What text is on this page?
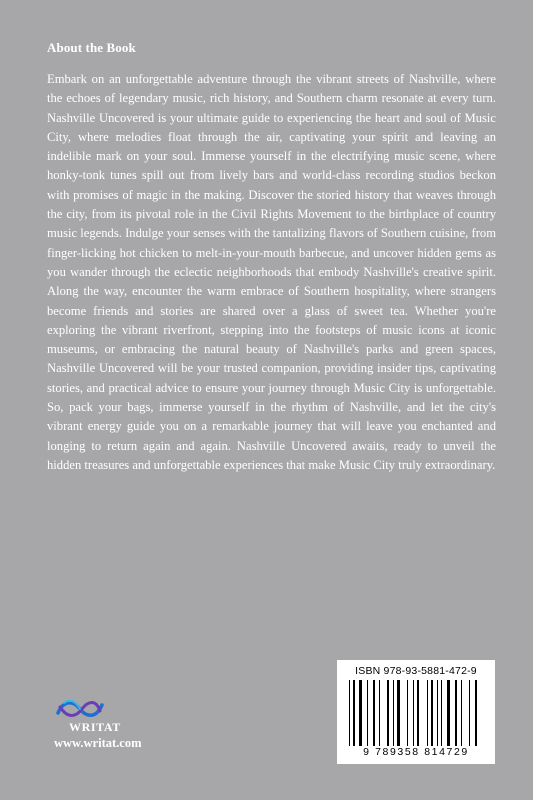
About the Book
Embark on an unforgettable adventure through the vibrant streets of Nashville, where the echoes of legendary music, rich history, and Southern charm resonate at every turn. Nashville Uncovered is your ultimate guide to experiencing the heart and soul of Music City, where melodies float through the air, captivating your spirit and leaving an indelible mark on your soul. Immerse yourself in the electrifying music scene, where honky-tonk tunes spill out from lively bars and world-class recording studios beckon with promises of magic in the making. Discover the storied history that weaves through the city, from its pivotal role in the Civil Rights Movement to the birthplace of country music legends. Indulge your senses with the tantalizing flavors of Southern cuisine, from finger-licking hot chicken to melt-in-your-mouth barbecue, and uncover hidden gems as you wander through the eclectic neighborhoods that embody Nashville's creative spirit. Along the way, encounter the warm embrace of Southern hospitality, where strangers become friends and stories are shared over a glass of sweet tea. Whether you're exploring the vibrant riverfront, stepping into the footsteps of music icons at iconic museums, or embracing the natural beauty of Nashville's parks and green spaces, Nashville Uncovered will be your trusted companion, providing insider tips, captivating stories, and practical advice to ensure your journey through Music City is unforgettable. So, pack your bags, immerse yourself in the rhythm of Nashville, and let the city's vibrant energy guide you on a remarkable journey that will leave you enchanted and longing to return again and again. Nashville Uncovered awaits, ready to unveil the hidden treasures and unforgettable experiences that make Music City truly extraordinary.
WRITAT
www.writat.com
ISBN 978-93-5881-472-9
9 789358 814729
